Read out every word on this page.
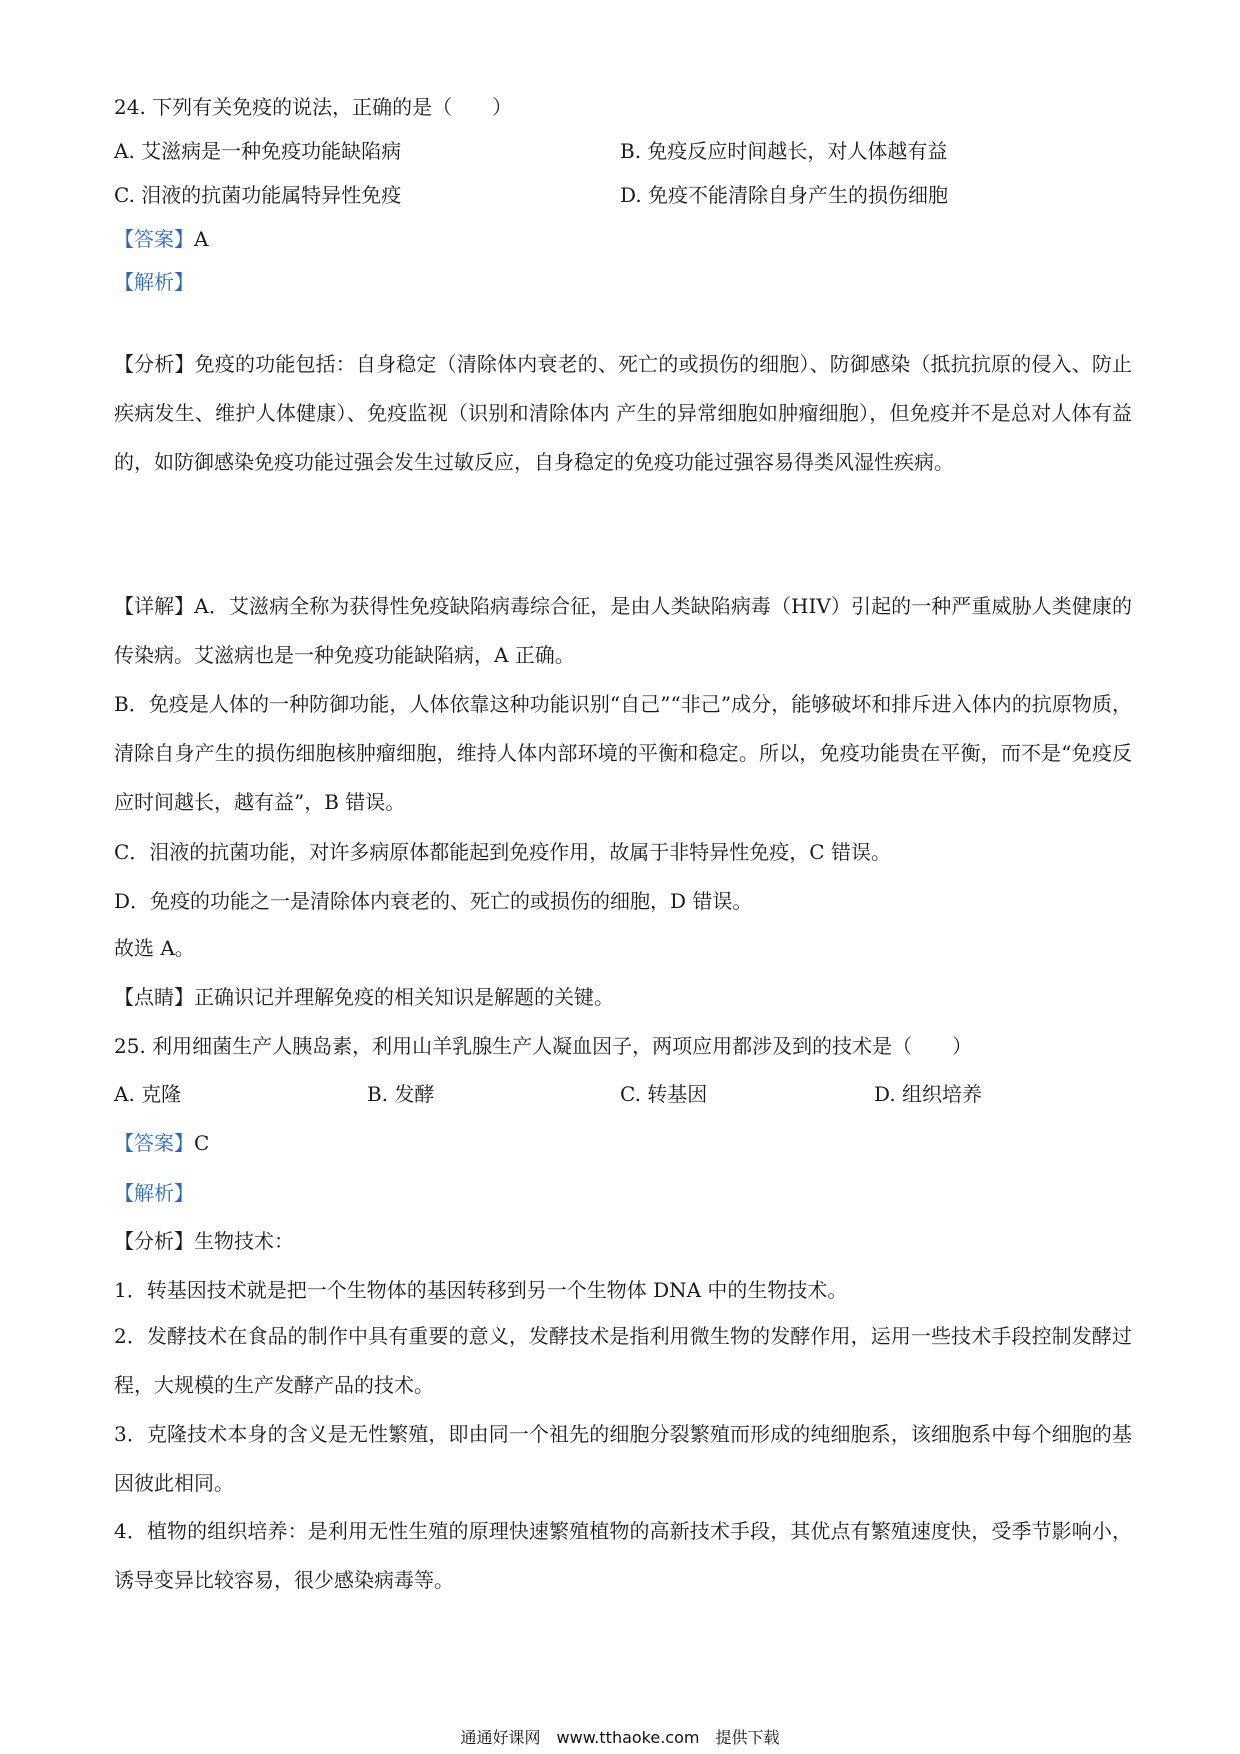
24. 下列有关免疫的说法，正确的是（　　）
A. 艾滋病是一种免疫功能缺陷病	B. 免疫反应时间越长，对人体越有益
C. 泪液的抗菌功能属特异性免疫	D. 免疫不能清除自身产生的损伤细胞
【答案】A
【解析】
【分析】免疫的功能包括：自身稳定（清除体内衰老的、死亡的或损伤的细胞）、防御感染（抵抗抗原的侵入、防止疾病发生、维护人体健康）、免疫监视（识别和清除体内 产生的异常细胞如肿瘤细胞），但免疫并不是总对人体有益的，如防御感染免疫功能过强会发生过敏反应，自身稳定的免疫功能过强容易得类风湿性疾病。
【详解】A．艾滋病全称为获得性免疫缺陷病毒综合征，是由人类缺陷病毒（HIV）引起的一种严重威胁人类健康的传染病。艾滋病也是一种免疫功能缺陷病，A 正确。
B．免疫是人体的一种防御功能，人体依靠这种功能识别“自己”“非己”成分，能够破坏和排斥进入体内的抗原物质，清除自身产生的损伤细胞核肿瘤细胞，维持人体内部环境的平衡和稳定。所以，免疫功能贵在平衡，而不是“免疫反应时间越长，越有益”，B 错误。
C．泪液的抗菌功能，对许多病原体都能起到免疫作用，故属于非特异性免疫，C 错误。
D．免疫的功能之一是清除体内衰老的、死亡的或损伤的细胞，D 错误。
故选 A。
【点睛】正确识记并理解免疫的相关知识是解题的关键。
25. 利用细菌生产人胰岛素，利用山羊乳腺生产人凝血因子，两项应用都涉及到的技术是（　　）
A. 克隆	B. 发酵	C. 转基因	D. 组织培养
【答案】C
【解析】
【分析】生物技术：
1．转基因技术就是把一个生物体的基因转移到另一个生物体 DNA 中的生物技术。
2．发酵技术在食品的制作中具有重要的意义，发酵技术是指利用微生物的发酵作用，运用一些技术手段控制发酵过程，大规模的生产发酵产品的技术。
3．克隆技术本身的含义是无性繁殖，即由同一个祖先的细胞分裂繁殖而形成的纯细胞系，该细胞系中每个细胞的基因彼此相同。
4．植物的组织培养：是利用无性生殖的原理快速繁殖植物的高新技术手段，其优点有繁殖速度快，受季节影响小，诱导变异比较容易，很少感染病毒等。
通通好课网　www.tthaoke.com　提供下载
